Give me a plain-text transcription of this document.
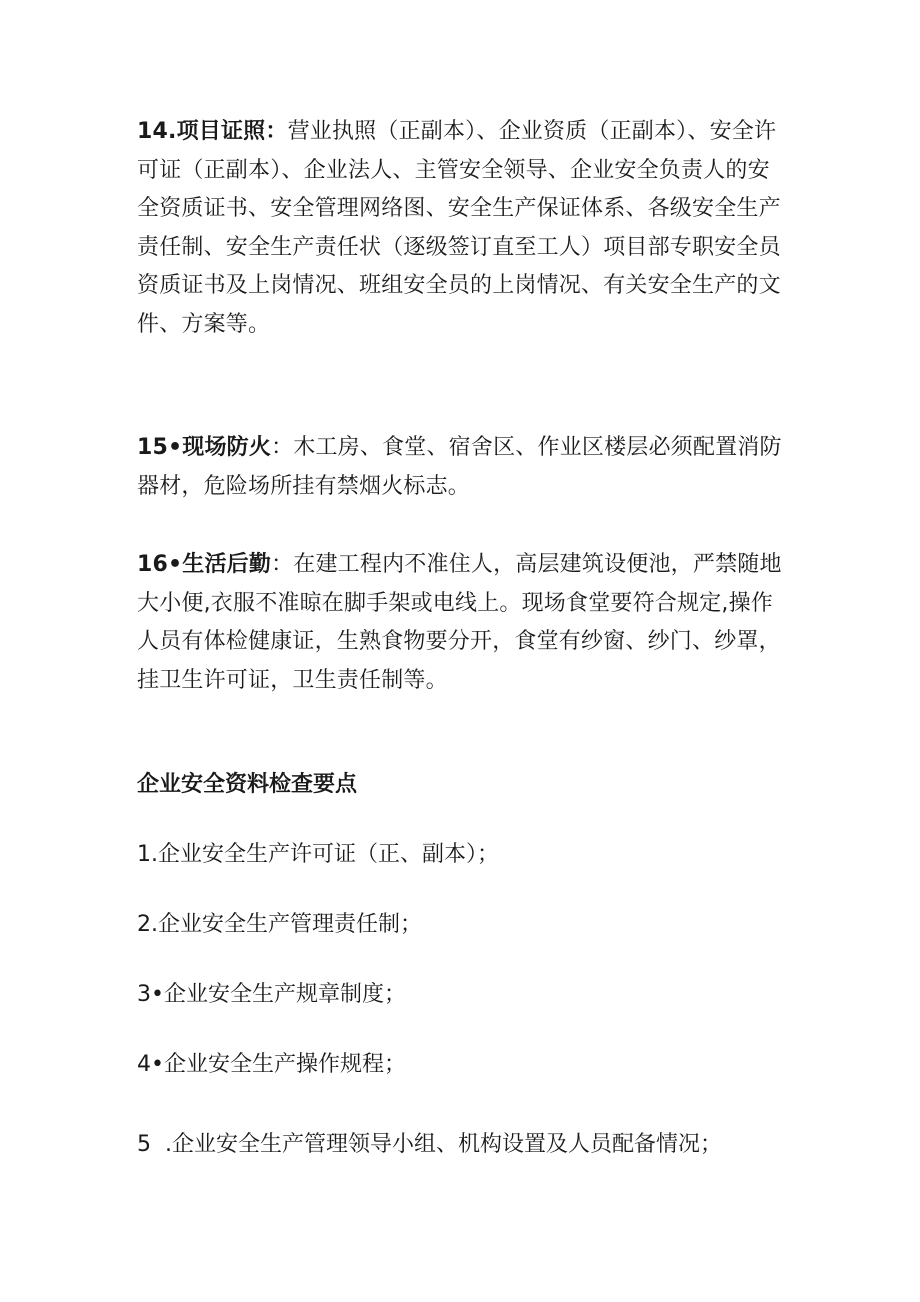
14.项目证照：营业执照（正副本）、企业资质（正副本）、安全许可证（正副本）、企业法人、主管安全领导、企业安全负责人的安全资质证书、安全管理网络图、安全生产保证体系、各级安全生产责任制、安全生产责任状（逐级签订直至工人）项目部专职安全员资质证书及上岗情况、班组安全员的上岗情况、有关安全生产的文件、方案等。

15•现场防火：木工房、食堂、宿舍区、作业区楼层必须配置消防器材，危险场所挂有禁烟火标志。

16•生活后勤：在建工程内不准住人，高层建筑设便池，严禁随地大小便,衣服不准晾在脚手架或电线上。现场食堂要符合规定,操作人员有体检健康证，生熟食物要分开，食堂有纱窗、纱门、纱罩，挂卫生许可证，卫生责任制等。

企业安全资料检查要点

1.企业安全生产许可证（正、副本）；

2.企业安全生产管理责任制；

3•企业安全生产规章制度；

4•企业安全生产操作规程；

5  .企业安全生产管理领导小组、机构设置及人员配备情况；
